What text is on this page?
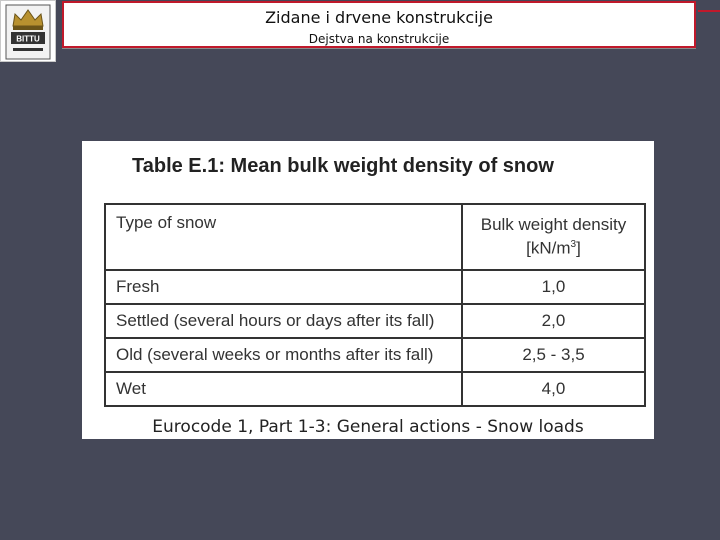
BITTU
Zidane i drvene konstrukcije
Dejstva na konstrukcije
Table E.1: Mean bulk weight density of snow
Type of snow	Bulk weight density
$[kN/m^3]$
Fresh	1,0
Settled (several hours or days after its fall)	2,0
Old (several weeks or months after its fall)	2,5 - 3,5
Wet	4,0
Eurocode 1, Part 1-3: General actions - Snow loads
